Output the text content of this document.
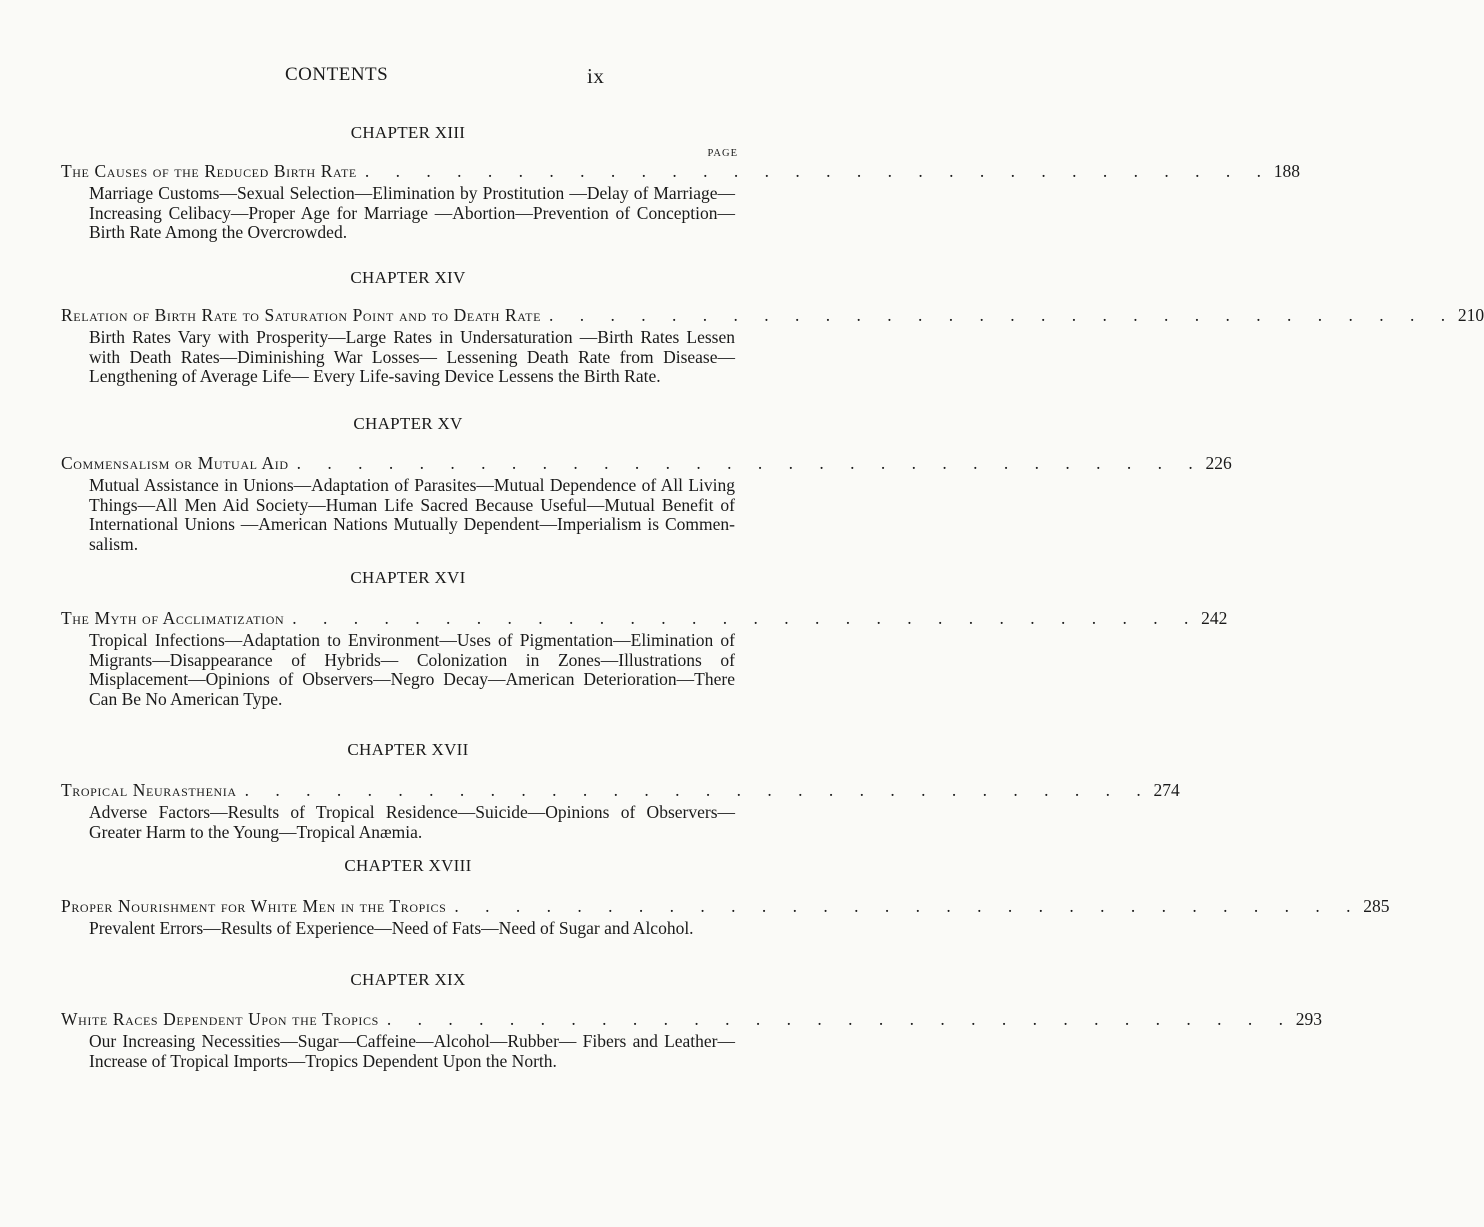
CONTENTS	ix
CHAPTER XIII
PAGE
The Causes of the Reduced Birth Rate . . . . . . . . . . . . . . . . . . . . . . . . . . . . . . 188
Marriage Customs—Sexual Selection—Elimination by Prostitution —Delay of Marriage—Increasing Celibacy—Proper Age for Marriage —Abortion—Prevention of Conception—Birth Rate Among the Overcrowded.
CHAPTER XIV
Relation of Birth Rate to Saturation Point and to Death Rate . . . . . . . . . . . . . . . . . . . . . . . . . . . . . . 210
Birth Rates Vary with Prosperity—Large Rates in Undersaturation —Birth Rates Lessen with Death Rates—Diminishing War Losses— Lessening Death Rate from Disease—Lengthening of Average Life— Every Life-saving Device Lessens the Birth Rate.
CHAPTER XV
Commensalism or Mutual Aid . . . . . . . . . . . . . . . . . . . . . . . . . . . . . . 226
Mutual Assistance in Unions—Adaptation of Parasites—Mutual Dependence of All Living Things—All Men Aid Society—Human Life Sacred Because Useful—Mutual Benefit of International Unions —American Nations Mutually Dependent—Imperialism is Commensalism.
CHAPTER XVI
The Myth of Acclimatization . . . . . . . . . . . . . . . . . . . . . . . . . . . . . . 242
Tropical Infections—Adaptation to Environment—Uses of Pigmentation—Elimination of Migrants—Disappearance of Hybrids— Colonization in Zones—Illustrations of Misplacement—Opinions of Observers—Negro Decay—American Deterioration—There Can Be No American Type.
CHAPTER XVII
Tropical Neurasthenia . . . . . . . . . . . . . . . . . . . . . . . . . . . . . . 274
Adverse Factors—Results of Tropical Residence—Suicide—Opinions of Observers—Greater Harm to the Young—Tropical Anæmia.
CHAPTER XVIII
Proper Nourishment for White Men in the Tropics . . . . . . . . . . . . . . . . . . . . . . . . . . . . . . 285
Prevalent Errors—Results of Experience—Need of Fats—Need of Sugar and Alcohol.
CHAPTER XIX
White Races Dependent Upon the Tropics . . . . . . . . . . . . . . . . . . . . . . . . . . . . . . 293
Our Increasing Necessities—Sugar—Caffeine—Alcohol—Rubber— Fibers and Leather—Increase of Tropical Imports—Tropics Dependent Upon the North.
